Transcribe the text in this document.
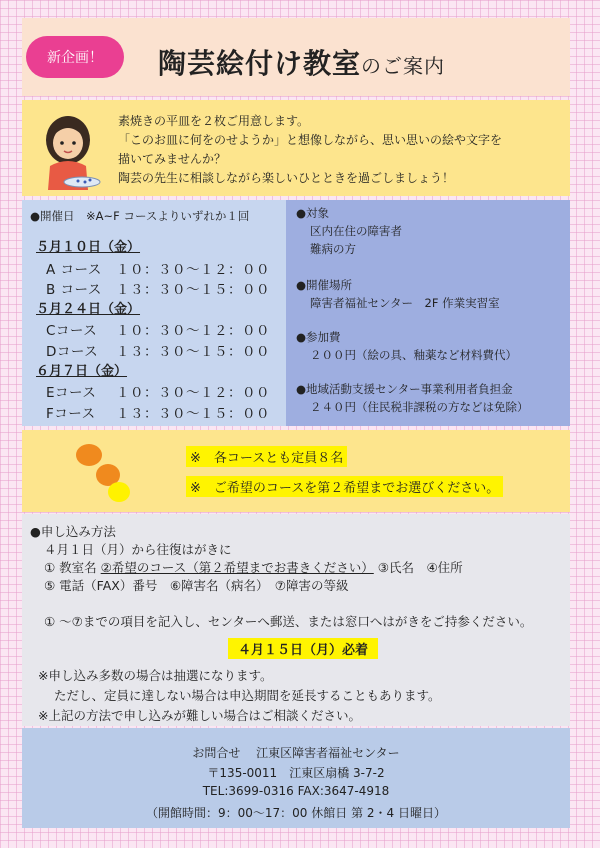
新企画！	陶芸絵付け教室のご案内
素焼きの平皿を２枚ご用意します。
「このお皿に何をのせようか」と想像しながら、思い思いの絵や文字を
描いてみませんか？
陶芸の先生に相談しながら楽しいひとときを過ごしましょう！
●開催日　※A~F コースよりいずれか１回
５月１０日（金）
A コース １０：３０～１２：００
B コース １３：３０～１５：００
５月２４日（金）
Cコース １０：３０～１２：００
Dコース １３：３０～１５：００
６月７日（金）
Eコース １０：３０～１２：００
Fコース １３：３０～１５：００
●対象
区内在住の障害者
難病の方
●開催場所
障害者福祉センター　2F 作業実習室
●参加費
２００円（絵の具、釉薬など材料費代）
●地域活動支援センター事業利用者負担金
２４０円（住民税非課税の方などは免除）
※　各コースとも定員８名
※　ご希望のコースを第２希望までお選びください。
●申し込み方法
４月１日（月）から往復はがきに
① 教室名 ②希望のコース（第２希望までお書きください） ③氏名　④住所
⑤ 電話（FAX）番号　⑥障害名（病名）　⑦障害の等級
① ～⑦までの項目を記入し、センターへ郵送、または窓口へはがきをご持参ください。
４月１５日（月）必着
※申し込み多数の場合は抽選になります。
ただし、定員に達しない場合は申込期間を延長することもあります。
※上記の方法で申し込みが難しい場合はご相談ください。
お問合せ　 江東区障害者福祉センター
〒135-0011　江東区扇橋 3-7-2
TEL:3699-0316 FAX:3647-4918
（開館時間：9：00～17：00 休館日 第 2・4 日曜日）
